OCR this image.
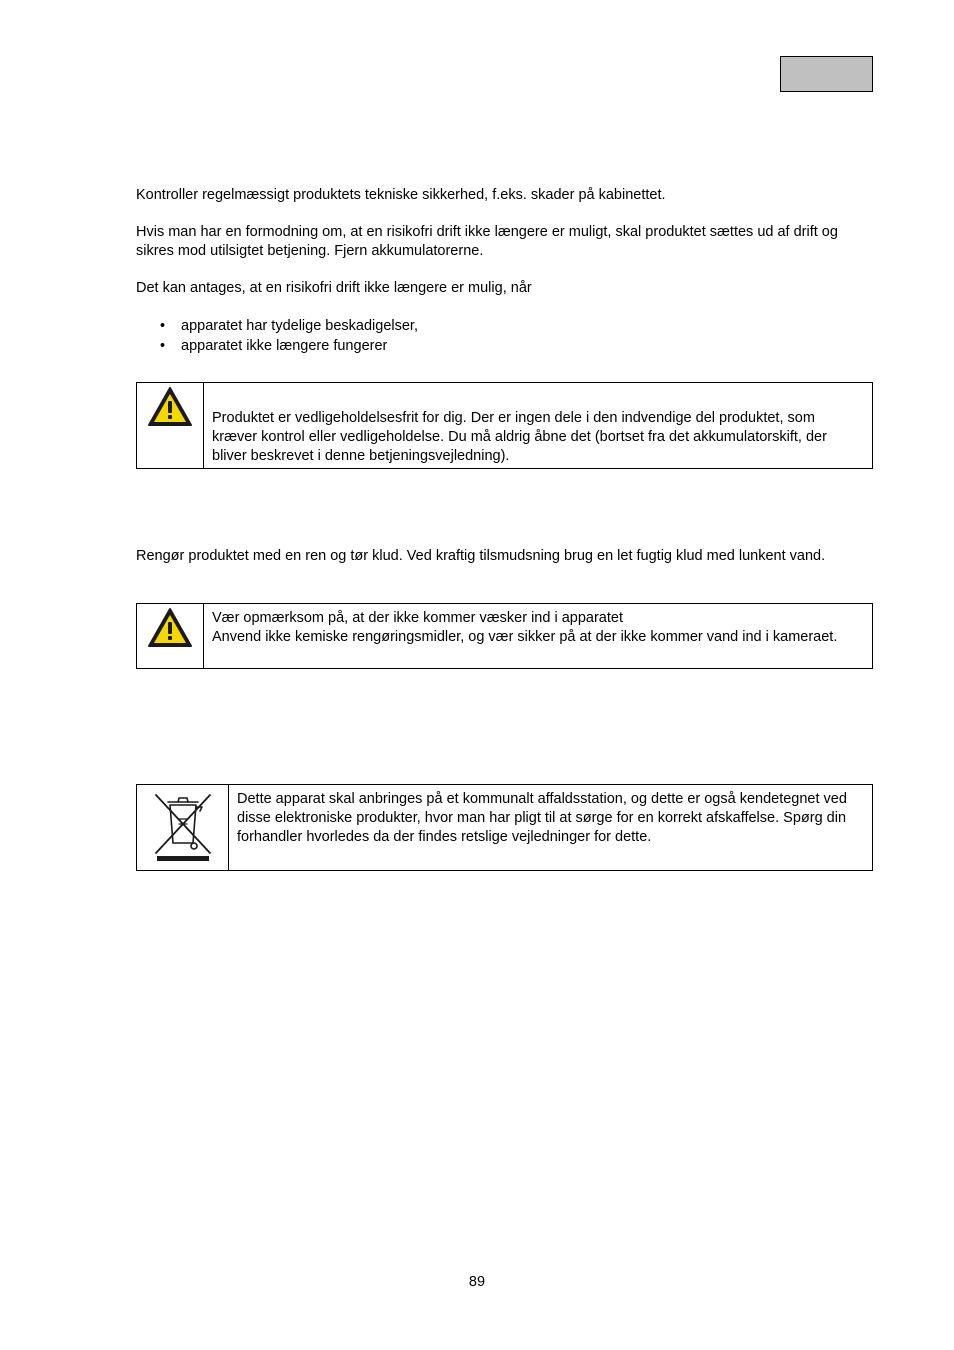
Kontroller regelmæssigt produktets tekniske sikkerhed, f.eks. skader på kabinettet.

Hvis man har en formodning om, at en risikofri drift ikke længere er muligt, skal produktet sættes ud af drift og sikres mod utilsigtet betjening. Fjern akkumulatorerne.

Det kan antages, at en risikofri drift ikke længere er mulig, når

• apparatet har tydelige beskadigelser,
• apparatet ikke længere fungerer
Produktet er vedligeholdelsesfrit for dig. Der er ingen dele i den indvendige del produktet, som kræver kontrol eller vedligeholdelse. Du må aldrig åbne det (bortset fra det akkumulatorskift, der bliver beskrevet i denne betjeningsvejledning).

Rengør produktet med en ren og tør klud. Ved kraftig tilsmudsning brug en let fugtig klud med lunkent vand.

Vær opmærksom på, at der ikke kommer væsker ind i apparatet
Anvend ikke kemiske rengøringsmidler, og vær sikker på at der ikke kommer vand ind i kameraet.
Dette apparat skal anbringes på et kommunalt affaldsstation, og dette er også kendetegnet ved disse elektroniske produkter, hvor man har pligt til at sørge for en korrekt afskaffelse. Spørg din forhandler hvorledes da der findes retslige vejledninger for dette.
89
